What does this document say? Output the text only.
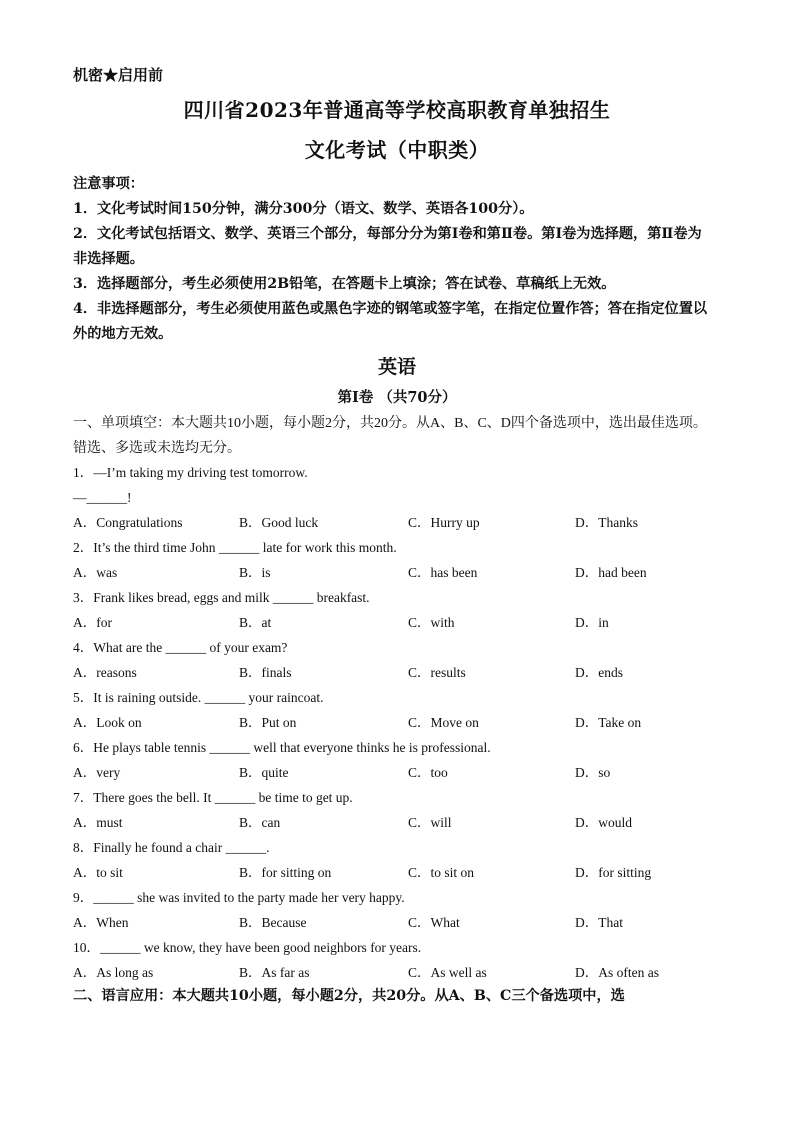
机密★启用前
四川省2023年普通高等学校高职教育单独招生
文化考试（中职类）
注意事项：
1．文化考试时间150分钟，满分300分（语文、数学、英语各100分）。
2．文化考试包括语文、数学、英语三个部分，每部分分为第Ⅰ卷和第Ⅱ卷。第Ⅰ卷为选择题，第Ⅱ卷为非选择题。
3．选择题部分，考生必须使用2B铅笔，在答题卡上填涂；答在试卷、草稿纸上无效。
4．非选择题部分，考生必须使用蓝色或黑色字迹的钢笔或签字笔，在指定位置作答；答在指定位置以外的地方无效。
英语
第Ⅰ卷 （共70分）
一、单项填空：本大题共10小题，每小题2分，共20分。从A、B、C、D四个备选项中，选出最佳选项。错选、多选或未选均无分。
1．—I’m taking my driving test tomorrow.
—______!
A．Congratulations	B．Good luck	C．Hurry up	D．Thanks
2．It’s the third time John ______ late for work this month.
A．was	B．is	C．has been	D．had been
3．Frank likes bread, eggs and milk ______ breakfast.
A．for	B．at	C．with	D．in
4．What are the ______ of your exam?
A．reasons	B．finals	C．results	D．ends
5．It is raining outside. ______ your raincoat.
A．Look on	B．Put on	C．Move on	D．Take on
6．He plays table tennis ______ well that everyone thinks he is professional.
A．very	B．quite	C．too	D．so
7．There goes the bell. It ______ be time to get up.
A．must	B．can	C．will	D．would
8．Finally he found a chair ______.
A．to sit	B．for sitting on	C．to sit on	D．for sitting
9．______ she was invited to the party made her very happy.
A．When	B．Because	C．What	D．That
10．______ we know, they have been good neighbors for years.
A．As long as	B．As far as	C．As well as	D．As often as
二、语言应用：本大题共10小题，每小题2分，共20分。从A、B、C三个备选项中，选
